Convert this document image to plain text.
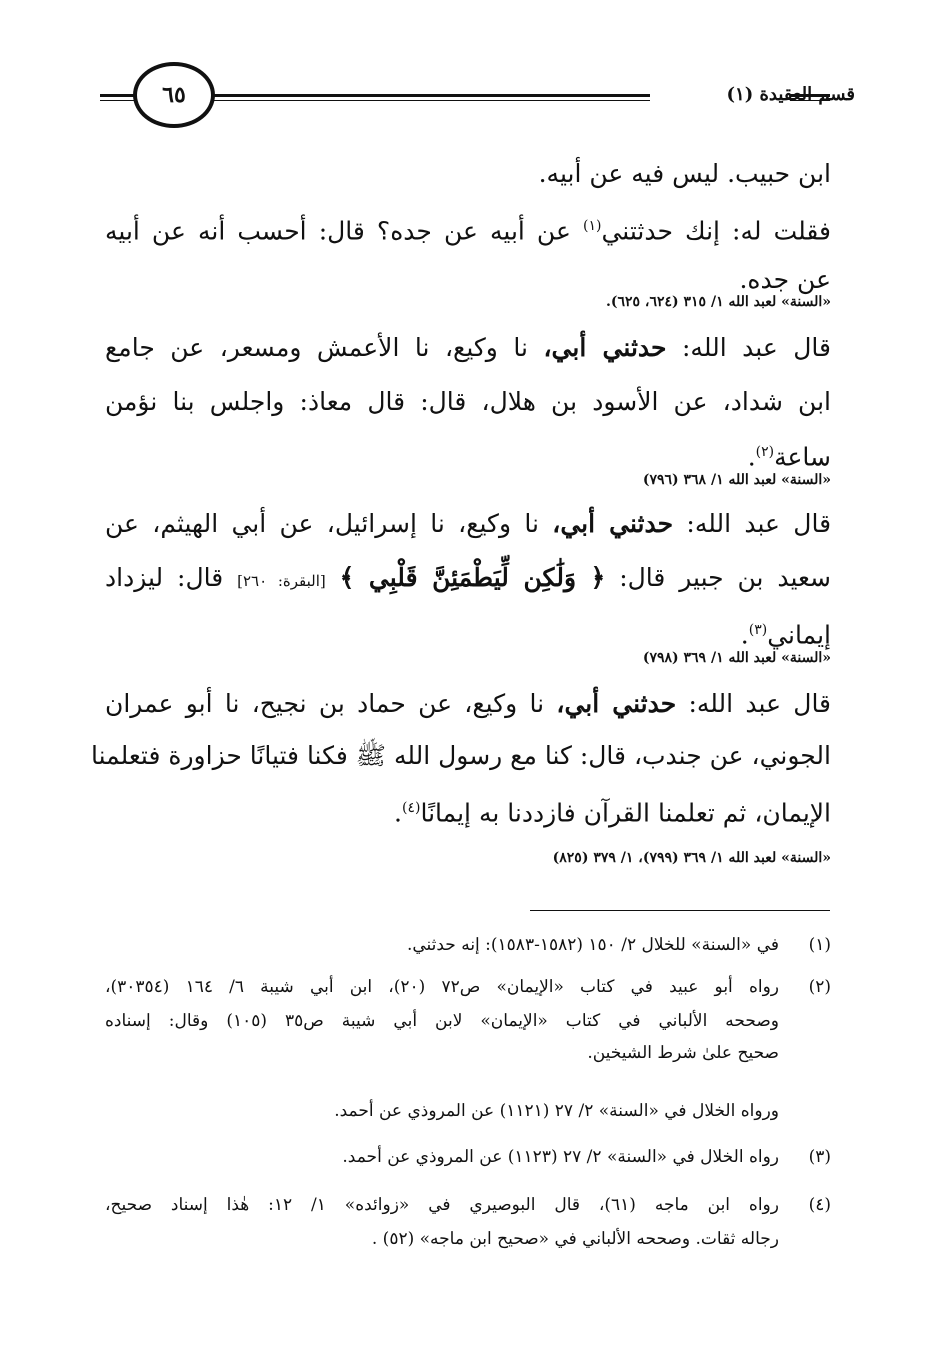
٦٥	قسم العقيدة (١)
ابن حبيب. ليس فيه عن أبيه.
فقلت له: إنك حدثتني$^{(١)}$ عن أبيه عن جده؟ قال: أحسب أنه عن أبيه
عن جده.
«السنة» لعبد الله ١/ ٣١٥ (٦٢٤، ٦٢٥).
قال عبد الله: حدثني أبي، نا وكيع، نا الأعمش ومسعر، عن جامع
ابن شداد، عن الأسود بن هلال، قال: قال معاذ: واجلس بنا نؤمن
ساعة$^{(٢)}$.
«السنة» لعبد الله ١/ ٣٦٨ (٧٩٦)
قال عبد الله: حدثني أبي، نا وكيع، نا إسرائيل، عن أبي الهيثم، عن
سعيد بن جبير قال: ﴿ وَلَٰكِن لِّيَطْمَئِنَّ قَلْبِي ﴾ [البقرة: ٢٦٠] قال: ليزداد
إيماني$^{(٣)}$.
«السنة» لعبد الله ١/ ٣٦٩ (٧٩٨)
قال عبد الله: حدثني أبي، نا وكيع، عن حماد بن نجيح، نا أبو عمران
الجوني، عن جندب، قال: كنا مع رسول الله ﷺ فكنا فتيانًا حزاورة فتعلمنا
الإيمان، ثم تعلمنا القرآن فازددنا به إيمانًا$^{(٤)}$.
«السنة» لعبد الله ١/ ٣٦٩ (٧٩٩)، ١/ ٣٧٩ (٨٢٥)
(١)
في «السنة» للخلال ٢/ ١٥٠ (١٥٨٢-١٥٨٣): إنه حدثني.
(٢)
رواه أبو عبيد في كتاب «الإيمان» ص٧٢ (٢٠)، ابن أبي شيبة ٦/ ١٦٤ (٣٠٣٥٤)،
وصححه الألباني في كتاب «الإيمان» لابن أبي شيبة ص٣٥ (١٠٥) وقال: إسناده
صحيح علىٰ شرط الشيخين.
ورواه الخلال في «السنة» ٢/ ٢٧ (١١٢١) عن المروذي عن أحمد.
(٣)
رواه الخلال في «السنة» ٢/ ٢٧ (١١٢٣) عن المروذي عن أحمد.
(٤)
رواه ابن ماجه (٦١)، قال البوصيري في «زوائده» ١/ ١٢: هٰذا إسناد صحيح،
رجاله ثقات. وصححه الألباني في «صحيح ابن ماجه» (٥٢) .
